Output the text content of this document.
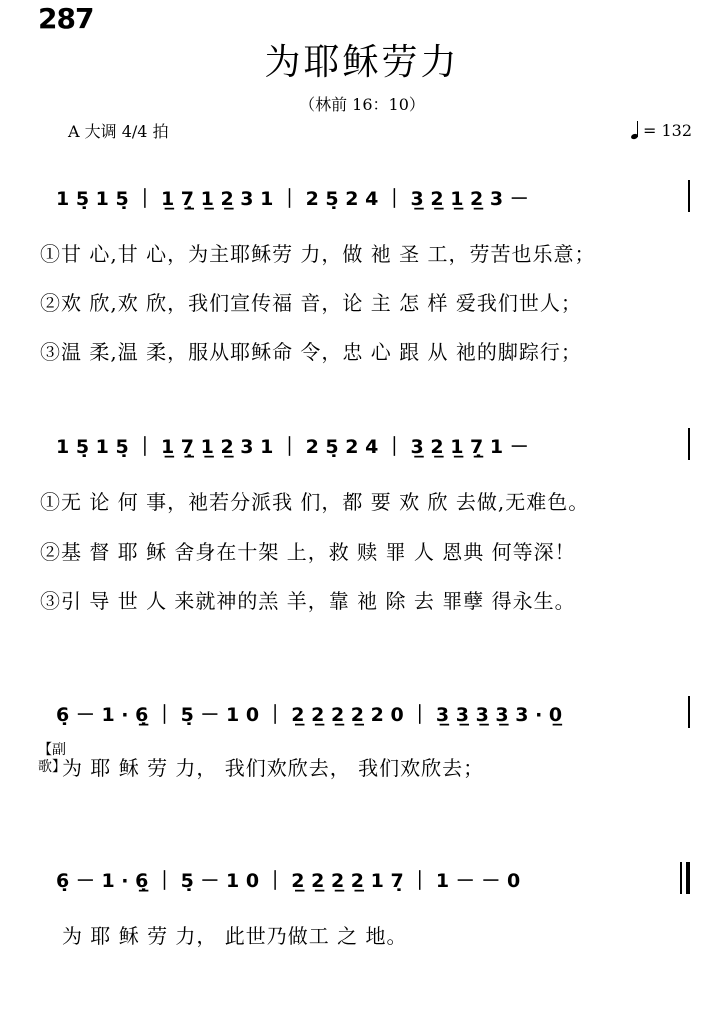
287
为耶稣劳力
（林前 16：10）
A 大调 4/4 拍	= 132
1 5̣ 1 5̣ ｜ 1̲ 7̲̣ 1̲ 2̲ 3 1 ｜ 2 5̣ 2 4 ｜ 3̲ 2̲ 1̲ 2̲ 3 －
①甘 心,甘 心，为主耶稣劳 力，做 祂 圣 工，劳苦也乐意；
②欢 欣,欢 欣，我们宣传福 音，论 主 怎 样 爱我们世人；
③温 柔,温 柔，服从耶稣命 令，忠 心 跟 从 祂的脚踪行；
1 5̣ 1 5̣ ｜ 1̲ 7̲̣ 1̲ 2̲ 3 1 ｜ 2 5̣ 2 4 ｜ 3̲ 2̲ 1̲ 7̲̣ 1 －
①无 论 何 事，祂若分派我 们，都 要 欢 欣 去做,无难色。
②基 督 耶 稣 舍身在十架 上，救 赎 罪 人 恩典 何等深！
③引 导 世 人 来就神的羔 羊，靠 祂 除 去 罪孽 得永生。
6̣ － 1 · 6̲̣ ｜ 5̣ － 1 0 ｜ 2̲ 2̲ 2̲ 2̲ 2 0 ｜ 3̲ 3̲ 3̲ 3̲ 3 · 0̲
【副歌】
为 耶 稣 劳 力， 我们欢欣去， 我们欢欣去；
6̣ － 1 · 6̲̣ ｜ 5̣ － 1 0 ｜ 2̲ 2̲ 2̲ 2̲ 1 7̣ ｜ 1 － － 0
为 耶 稣 劳 力， 此世乃做工 之 地。
